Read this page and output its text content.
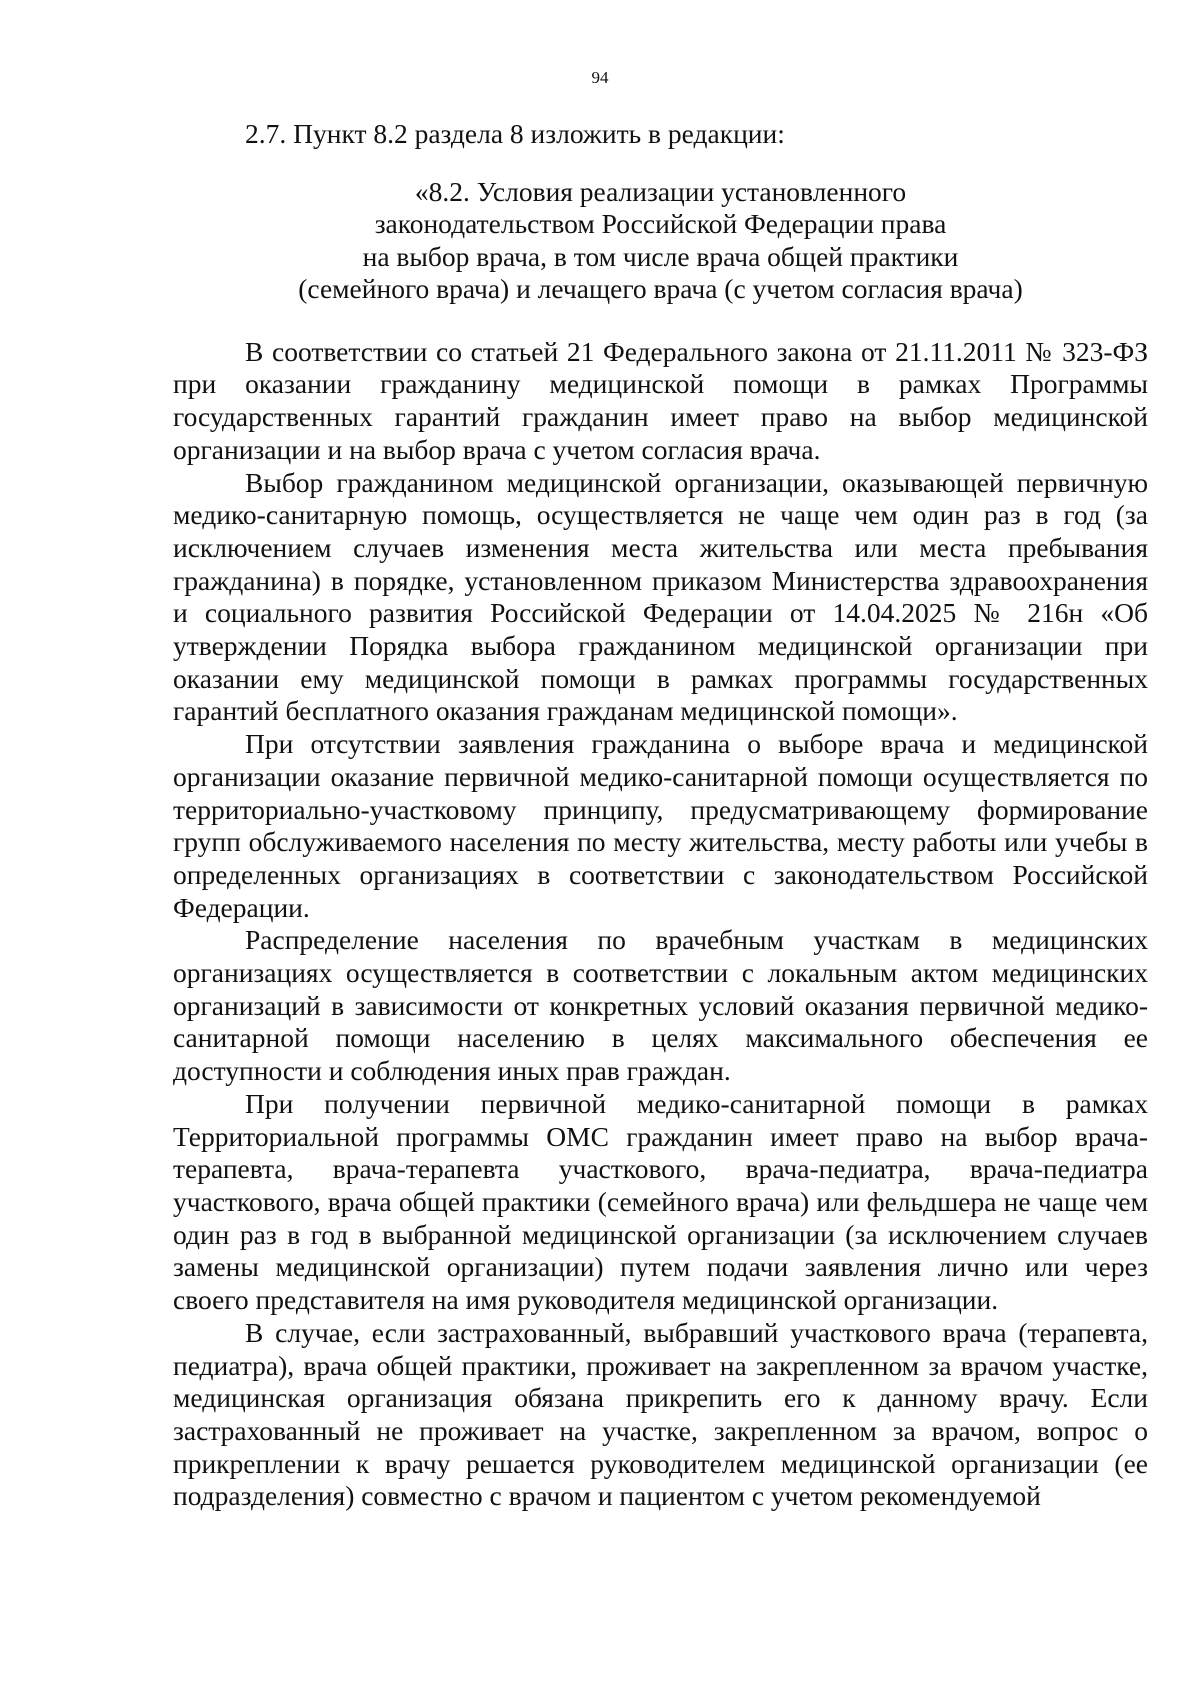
94

2.7. Пункт 8.2 раздела 8 изложить в редакции:

«8.2. Условия реализации установленного
законодательством Российской Федерации права
на выбор врача, в том числе врача общей практики
(семейного врача) и лечащего врача (с учетом согласия врача)

В соответствии со статьей 21 Федерального закона от 21.11.2011 № 323-ФЗ при оказании гражданину медицинской помощи в рамках Программы государственных гарантий гражданин имеет право на выбор медицинской организации и на выбор врача с учетом согласия врача.

Выбор гражданином медицинской организации, оказывающей первичную медико-санитарную помощь, осуществляется не чаще чем один раз в год (за исключением случаев изменения места жительства или места пребывания гражданина) в порядке, установленном приказом Министерства здравоохранения и социального развития Российской Федерации от 14.04.2025 № 216н «Об утверждении Порядка выбора гражданином медицинской организации при оказании ему медицинской помощи в рамках программы государственных гарантий бесплатного оказания гражданам медицинской помощи».

При отсутствии заявления гражданина о выборе врача и медицинской организации оказание первичной медико-санитарной помощи осуществляется по территориально-участковому принципу, предусматривающему формирование групп обслуживаемого населения по месту жительства, месту работы или учебы в определенных организациях в соответствии с законодательством Российской Федерации.

Распределение населения по врачебным участкам в медицинских организациях осуществляется в соответствии с локальным актом медицинских организаций в зависимости от конкретных условий оказания первичной медико-санитарной помощи населению в целях максимального обеспечения ее доступности и соблюдения иных прав граждан.

При получении первичной медико-санитарной помощи в рамках Территориальной программы ОМС гражданин имеет право на выбор врача-терапевта, врача-терапевта участкового, врача-педиатра, врача-педиатра участкового, врача общей практики (семейного врача) или фельдшера не чаще чем один раз в год в выбранной медицинской организации (за исключением случаев замены медицинской организации) путем подачи заявления лично или через своего представителя на имя руководителя медицинской организации.

В случае, если застрахованный, выбравший участкового врача (терапевта, педиатра), врача общей практики, проживает на закрепленном за врачом участке, медицинская организация обязана прикрепить его к данному врачу. Если застрахованный не проживает на участке, закрепленном за врачом, вопрос о прикреплении к врачу решается руководителем медицинской организации (ее подразделения) совместно с врачом и пациентом с учетом рекомендуемой
